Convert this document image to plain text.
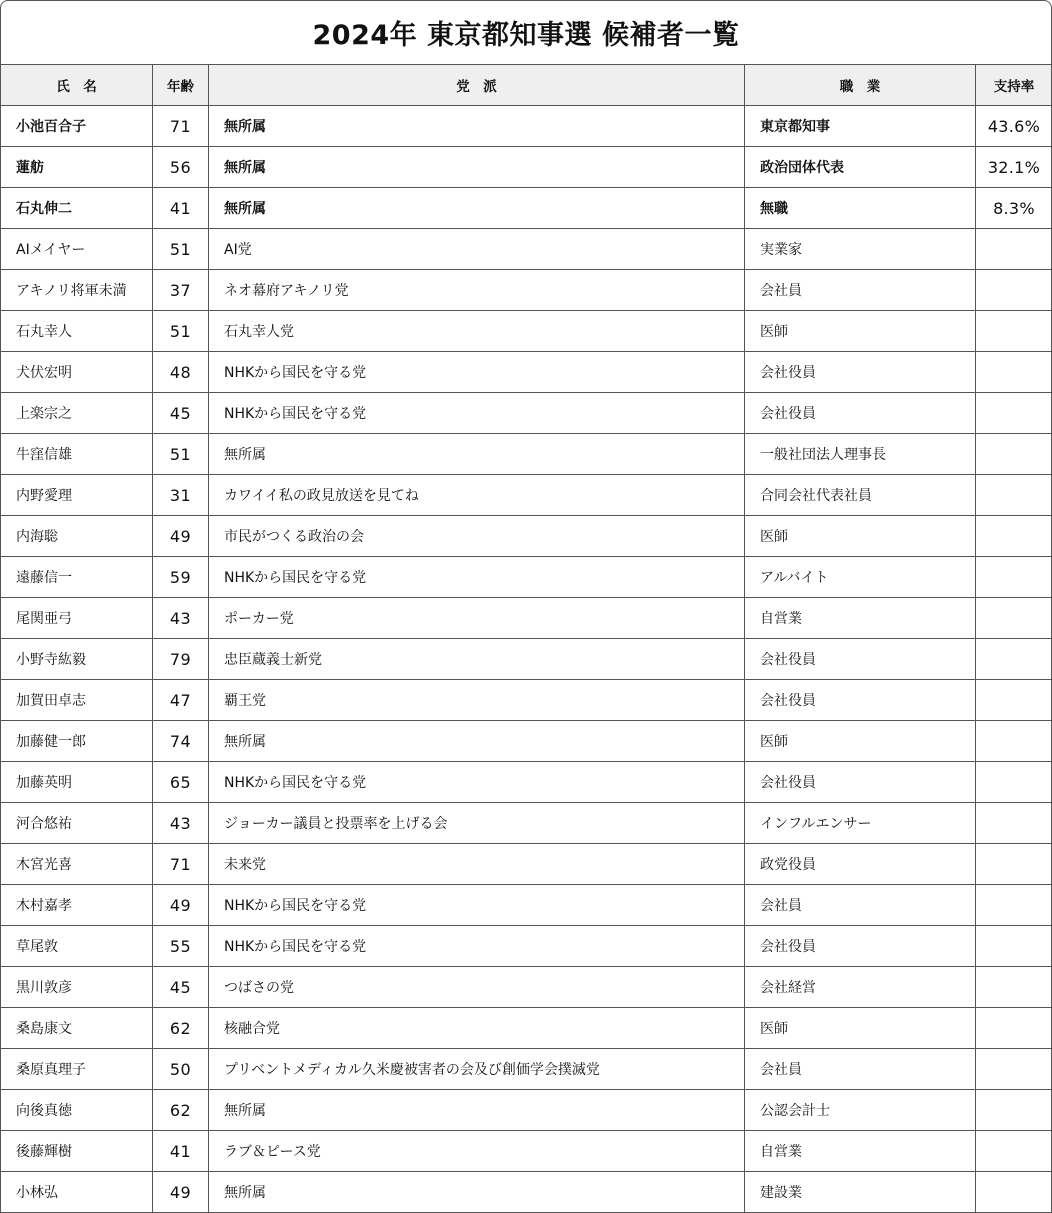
2024年 東京都知事選 候補者一覧
氏　名	年齢	党　派	職　業	支持率
小池百合子	71	無所属	東京都知事	43.6%
蓮舫	56	無所属	政治団体代表	32.1%
石丸伸二	41	無所属	無職	8.3%
AIメイヤー	51	AI党	実業家	
アキノリ将軍未満	37	ネオ幕府アキノリ党	会社員	
石丸幸人	51	石丸幸人党	医師	
犬伏宏明	48	NHKから国民を守る党	会社役員	
上楽宗之	45	NHKから国民を守る党	会社役員	
牛窪信雄	51	無所属	一般社団法人理事長	
内野愛理	31	カワイイ私の政見放送を見てね	合同会社代表社員	
内海聡	49	市民がつくる政治の会	医師	
遠藤信一	59	NHKから国民を守る党	アルバイト	
尾関亜弓	43	ポーカー党	自営業	
小野寺紘毅	79	忠臣蔵義士新党	会社役員	
加賀田卓志	47	覇王党	会社役員	
加藤健一郎	74	無所属	医師	
加藤英明	65	NHKから国民を守る党	会社役員	
河合悠祐	43	ジョーカー議員と投票率を上げる会	インフルエンサー	
木宮光喜	71	未来党	政党役員	
木村嘉孝	49	NHKから国民を守る党	会社員	
草尾敦	55	NHKから国民を守る党	会社役員	
黒川敦彦	45	つばさの党	会社経営	
桑島康文	62	核融合党	医師	
桑原真理子	50	プリベントメディカル久米慶被害者の会及び創価学会撲滅党	会社員	
向後真徳	62	無所属	公認会計士	
後藤輝樹	41	ラブ＆ピース党	自営業	
小林弘	49	無所属	建設業	
